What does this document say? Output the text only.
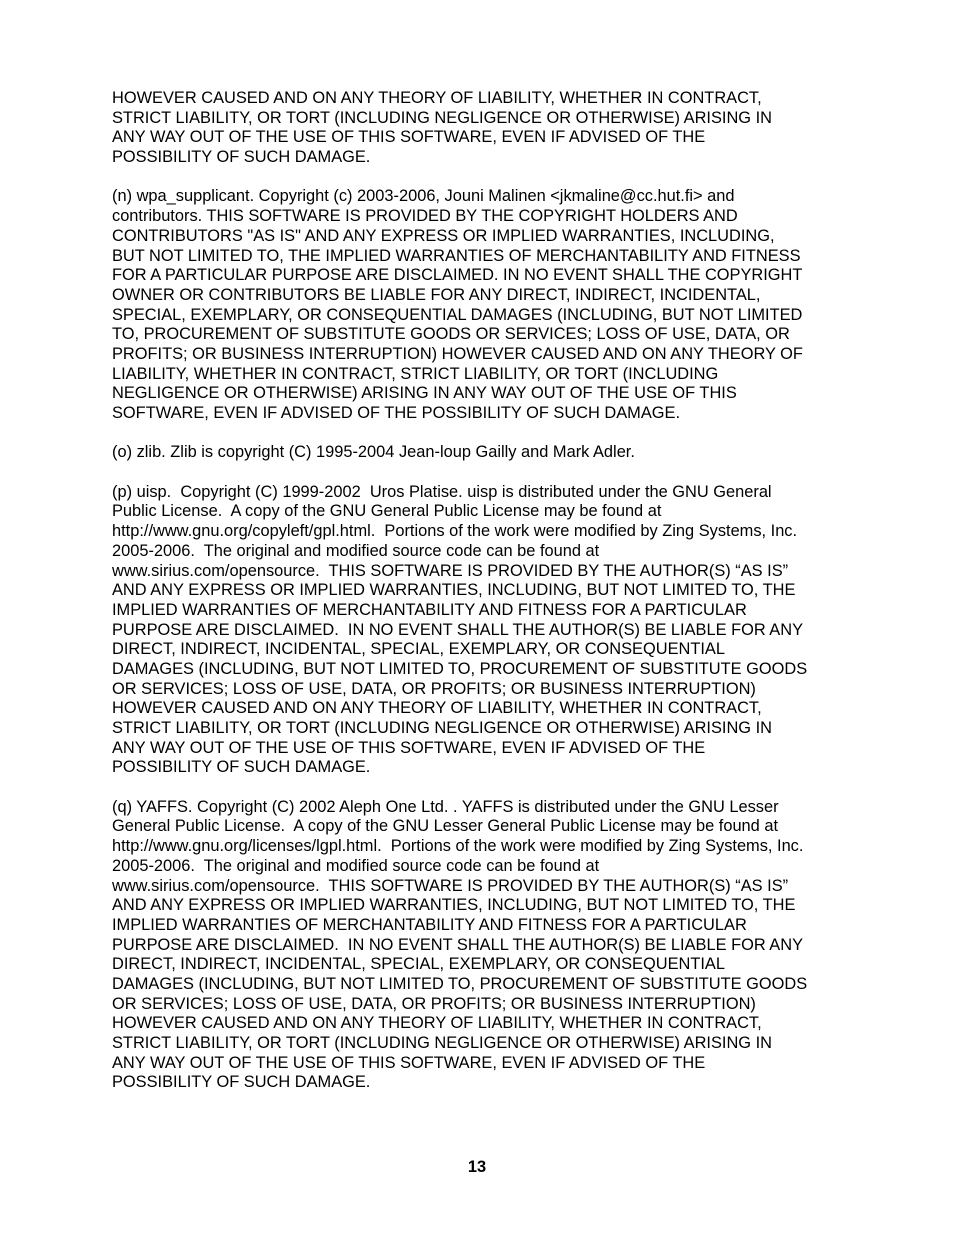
HOWEVER CAUSED AND ON ANY THEORY OF LIABILITY, WHETHER IN CONTRACT,
STRICT LIABILITY, OR TORT (INCLUDING NEGLIGENCE OR OTHERWISE) ARISING IN
ANY WAY OUT OF THE USE OF THIS SOFTWARE, EVEN IF ADVISED OF THE
POSSIBILITY OF SUCH DAMAGE.
(n) wpa_supplicant. Copyright (c) 2003-2006, Jouni Malinen <jkmaline@cc.hut.fi> and
contributors. THIS SOFTWARE IS PROVIDED BY THE COPYRIGHT HOLDERS AND
CONTRIBUTORS "AS IS" AND ANY EXPRESS OR IMPLIED WARRANTIES, INCLUDING,
BUT NOT LIMITED TO, THE IMPLIED WARRANTIES OF MERCHANTABILITY AND FITNESS
FOR A PARTICULAR PURPOSE ARE DISCLAIMED. IN NO EVENT SHALL THE COPYRIGHT
OWNER OR CONTRIBUTORS BE LIABLE FOR ANY DIRECT, INDIRECT, INCIDENTAL,
SPECIAL, EXEMPLARY, OR CONSEQUENTIAL DAMAGES (INCLUDING, BUT NOT LIMITED
TO, PROCUREMENT OF SUBSTITUTE GOODS OR SERVICES; LOSS OF USE, DATA, OR
PROFITS; OR BUSINESS INTERRUPTION) HOWEVER CAUSED AND ON ANY THEORY OF
LIABILITY, WHETHER IN CONTRACT, STRICT LIABILITY, OR TORT (INCLUDING
NEGLIGENCE OR OTHERWISE) ARISING IN ANY WAY OUT OF THE USE OF THIS
SOFTWARE, EVEN IF ADVISED OF THE POSSIBILITY OF SUCH DAMAGE.
(o) zlib. Zlib is copyright (C) 1995-2004 Jean-loup Gailly and Mark Adler.
(p) uisp.  Copyright (C) 1999-2002  Uros Platise. uisp is distributed under the GNU General
Public License.  A copy of the GNU General Public License may be found at
http://www.gnu.org/copyleft/gpl.html.  Portions of the work were modified by Zing Systems, Inc.
2005-2006.  The original and modified source code can be found at
www.sirius.com/opensource.  THIS SOFTWARE IS PROVIDED BY THE AUTHOR(S) “AS IS”
AND ANY EXPRESS OR IMPLIED WARRANTIES, INCLUDING, BUT NOT LIMITED TO, THE
IMPLIED WARRANTIES OF MERCHANTABILITY AND FITNESS FOR A PARTICULAR
PURPOSE ARE DISCLAIMED.  IN NO EVENT SHALL THE AUTHOR(S) BE LIABLE FOR ANY
DIRECT, INDIRECT, INCIDENTAL, SPECIAL, EXEMPLARY, OR CONSEQUENTIAL
DAMAGES (INCLUDING, BUT NOT LIMITED TO, PROCUREMENT OF SUBSTITUTE GOODS
OR SERVICES; LOSS OF USE, DATA, OR PROFITS; OR BUSINESS INTERRUPTION)
HOWEVER CAUSED AND ON ANY THEORY OF LIABILITY, WHETHER IN CONTRACT,
STRICT LIABILITY, OR TORT (INCLUDING NEGLIGENCE OR OTHERWISE) ARISING IN
ANY WAY OUT OF THE USE OF THIS SOFTWARE, EVEN IF ADVISED OF THE
POSSIBILITY OF SUCH DAMAGE.
(q) YAFFS. Copyright (C) 2002 Aleph One Ltd. . YAFFS is distributed under the GNU Lesser
General Public License.  A copy of the GNU Lesser General Public License may be found at
http://www.gnu.org/licenses/lgpl.html.  Portions of the work were modified by Zing Systems, Inc.
2005-2006.  The original and modified source code can be found at
www.sirius.com/opensource.  THIS SOFTWARE IS PROVIDED BY THE AUTHOR(S) “AS IS”
AND ANY EXPRESS OR IMPLIED WARRANTIES, INCLUDING, BUT NOT LIMITED TO, THE
IMPLIED WARRANTIES OF MERCHANTABILITY AND FITNESS FOR A PARTICULAR
PURPOSE ARE DISCLAIMED.  IN NO EVENT SHALL THE AUTHOR(S) BE LIABLE FOR ANY
DIRECT, INDIRECT, INCIDENTAL, SPECIAL, EXEMPLARY, OR CONSEQUENTIAL
DAMAGES (INCLUDING, BUT NOT LIMITED TO, PROCUREMENT OF SUBSTITUTE GOODS
OR SERVICES; LOSS OF USE, DATA, OR PROFITS; OR BUSINESS INTERRUPTION)
HOWEVER CAUSED AND ON ANY THEORY OF LIABILITY, WHETHER IN CONTRACT,
STRICT LIABILITY, OR TORT (INCLUDING NEGLIGENCE OR OTHERWISE) ARISING IN
ANY WAY OUT OF THE USE OF THIS SOFTWARE, EVEN IF ADVISED OF THE
POSSIBILITY OF SUCH DAMAGE.
13
